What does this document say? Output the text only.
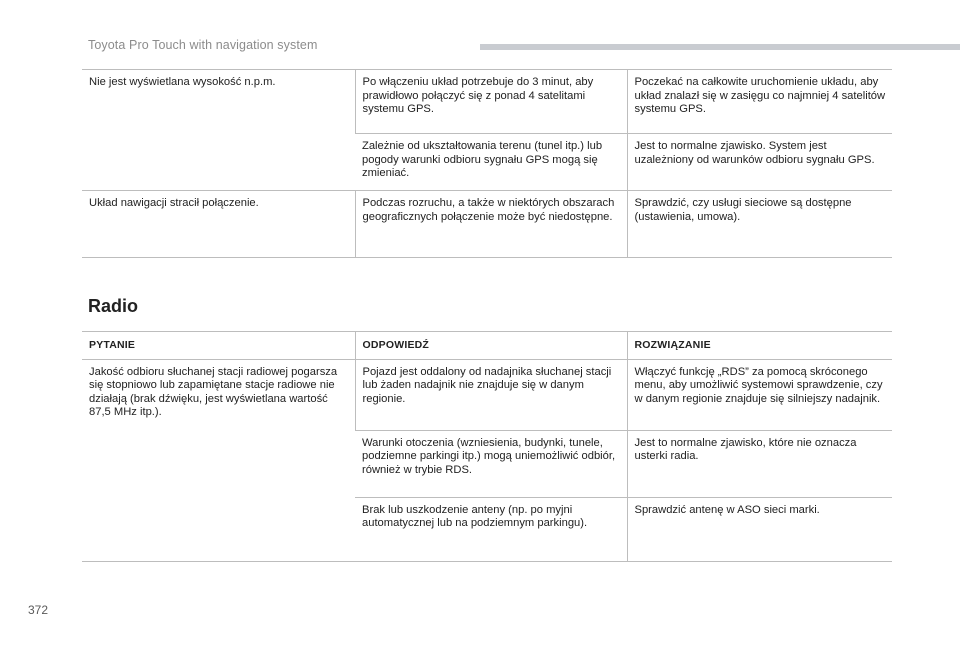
Toyota Pro Touch with navigation system
Nie jest wyświetlana wysokość n.p.m.	Po włączeniu układ potrzebuje do 3 minut, aby prawidłowo połączyć się z ponad 4 satelitami systemu GPS.	Poczekać na całkowite uruchomienie układu, aby układ znalazł się w zasięgu co najmniej 4 satelitów systemu GPS.
	Zależnie od ukształtowania terenu (tunel itp.) lub pogody warunki odbioru sygnału GPS mogą się zmieniać.	Jest to normalne zjawisko. System jest uzależniony od warunków odbioru sygnału GPS.
Układ nawigacji stracił połączenie.	Podczas rozruchu, a także w niektórych obszarach geograficznych połączenie może być niedostępne.	Sprawdzić, czy usługi sieciowe są dostępne (ustawienia, umowa).
Radio
PYTANIE	ODPOWIEDŹ	ROZWIĄZANIE
Jakość odbioru słuchanej stacji radiowej pogarsza się stopniowo lub zapamiętane stacje radiowe nie działają (brak dźwięku, jest wyświetlana wartość 87,5 MHz itp.).	Pojazd jest oddalony od nadajnika słuchanej stacji lub żaden nadajnik nie znajduje się w danym regionie.	Włączyć funkcję „RDS” za pomocą skróconego menu, aby umożliwić systemowi sprawdzenie, czy w danym regionie znajduje się silniejszy nadajnik.
	Warunki otoczenia (wzniesienia, budynki, tunele, podziemne parkingi itp.) mogą uniemożliwić odbiór, również w trybie RDS.	Jest to normalne zjawisko, które nie oznacza usterki radia.
	Brak lub uszkodzenie anteny (np. po myjni automatycznej lub na podziemnym parkingu).	Sprawdzić antenę w ASO sieci marki.
372
